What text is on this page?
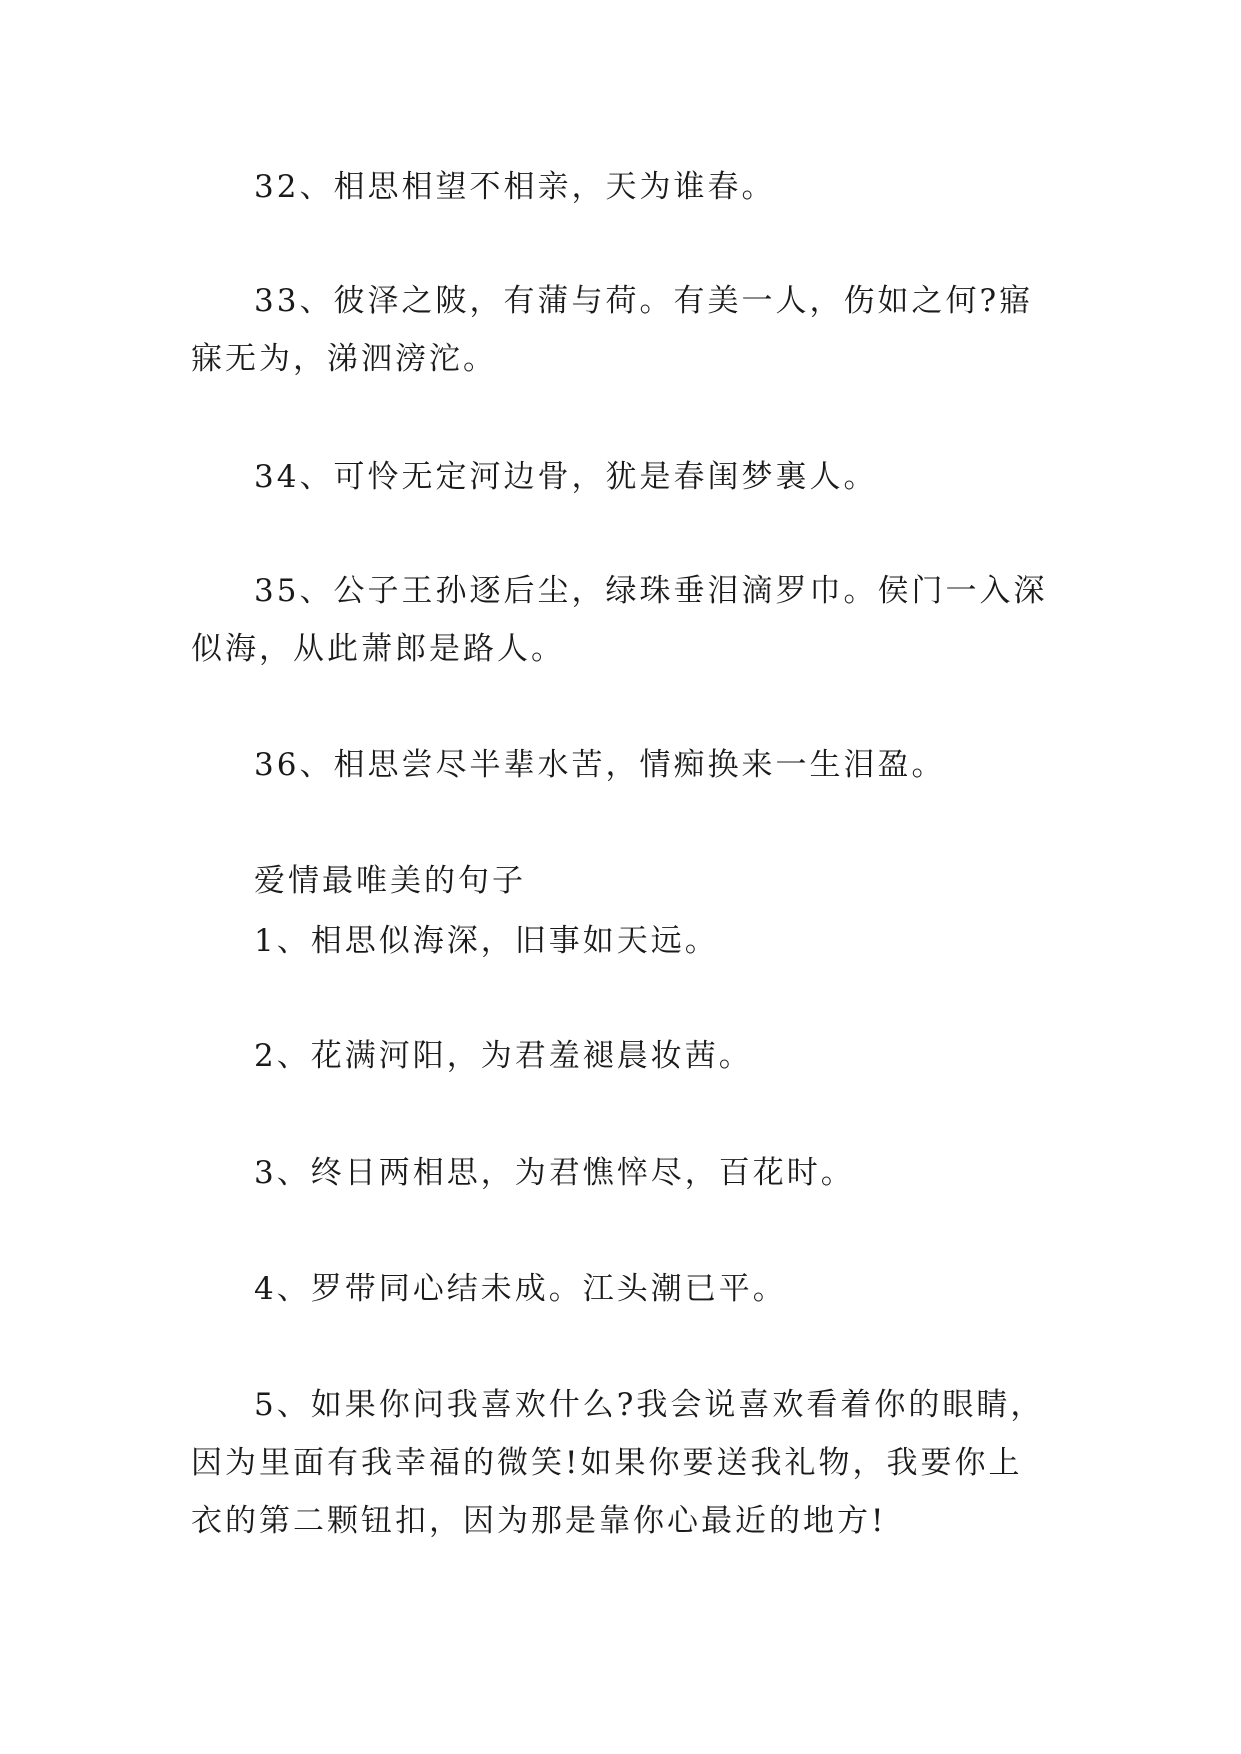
32、相思相望不相亲，天为谁春。

33、彼泽之陂，有蒲与荷。有美一人，伤如之何?寤寐无为，涕泗滂沱。

34、可怜无定河边骨，犹是春闺梦裏人。

35、公子王孙逐后尘，绿珠垂泪滴罗巾。侯门一入深似海，从此萧郎是路人。

36、相思尝尽半辈水苦，情痴换来一生泪盈。

爱情最唯美的句子

1、相思似海深，旧事如天远。

2、花满河阳，为君羞褪晨妆茜。

3、终日两相思，为君憔悴尽，百花时。

4、罗带同心结未成。江头潮已平。

5、如果你问我喜欢什么?我会说喜欢看着你的眼睛，因为里面有我幸福的微笑!如果你要送我礼物，我要你上衣的第二颗钮扣，因为那是靠你心最近的地方!
